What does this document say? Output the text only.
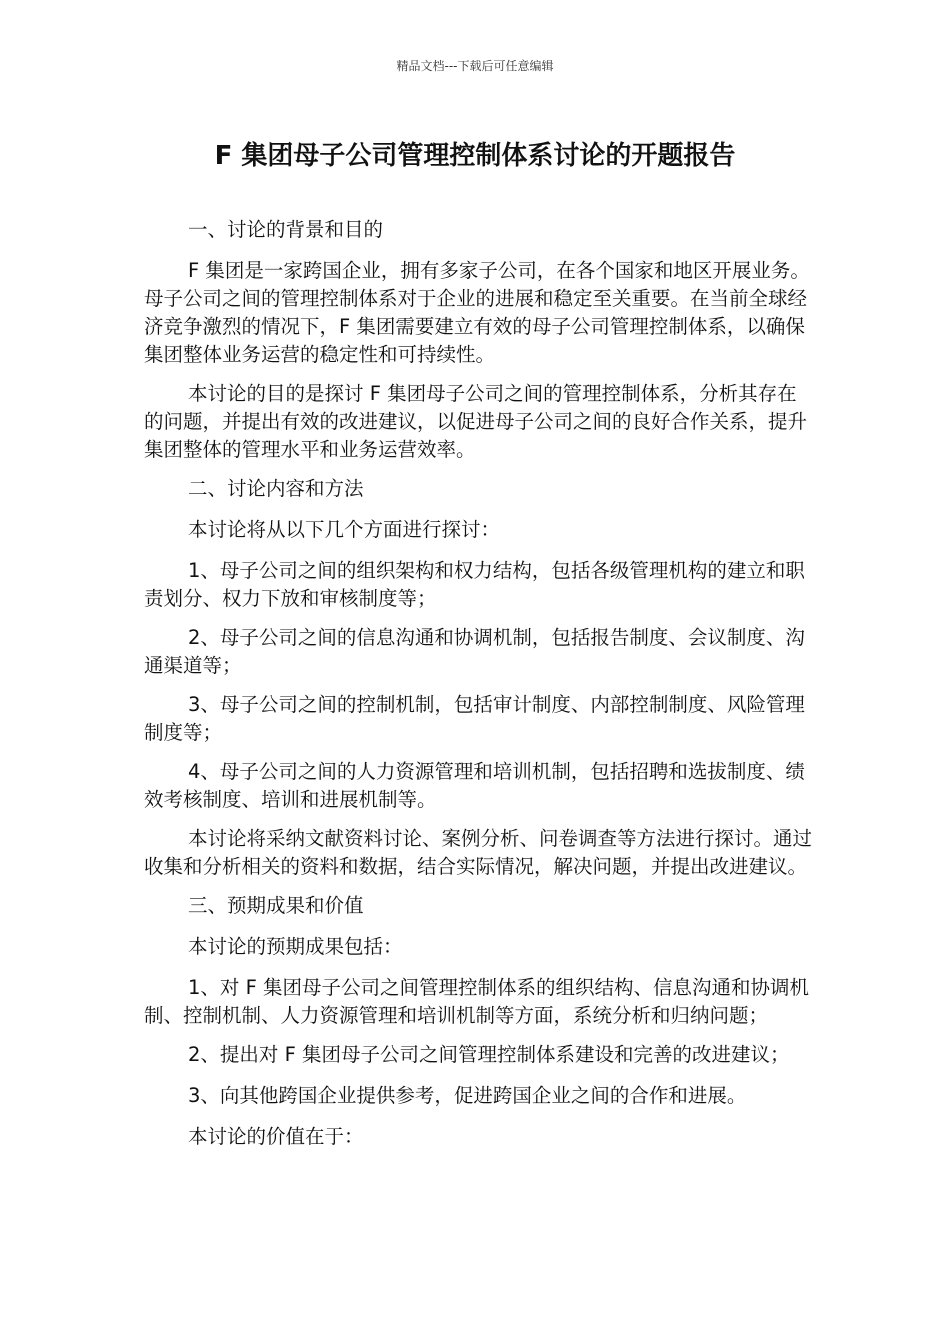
精品文档---下载后可任意编辑
F 集团母子公司管理控制体系讨论的开题报告

一、讨论的背景和目的

F 集团是一家跨国企业，拥有多家子公司，在各个国家和地区开展业务。母子公司之间的管理控制体系对于企业的进展和稳定至关重要。在当前全球经济竞争激烈的情况下，F 集团需要建立有效的母子公司管理控制体系，以确保集团整体业务运营的稳定性和可持续性。

本讨论的目的是探讨 F 集团母子公司之间的管理控制体系，分析其存在的问题，并提出有效的改进建议，以促进母子公司之间的良好合作关系，提升集团整体的管理水平和业务运营效率。

二、讨论内容和方法

本讨论将从以下几个方面进行探讨：

1、母子公司之间的组织架构和权力结构，包括各级管理机构的建立和职责划分、权力下放和审核制度等；

2、母子公司之间的信息沟通和协调机制，包括报告制度、会议制度、沟通渠道等；

3、母子公司之间的控制机制，包括审计制度、内部控制制度、风险管理制度等；

4、母子公司之间的人力资源管理和培训机制，包括招聘和选拔制度、绩效考核制度、培训和进展机制等。

本讨论将采纳文献资料讨论、案例分析、问卷调查等方法进行探讨。通过收集和分析相关的资料和数据，结合实际情况，解决问题，并提出改进建议。

三、预期成果和价值

本讨论的预期成果包括：

1、对 F 集团母子公司之间管理控制体系的组织结构、信息沟通和协调机制、控制机制、人力资源管理和培训机制等方面，系统分析和归纳问题；

2、提出对 F 集团母子公司之间管理控制体系建设和完善的改进建议；

3、向其他跨国企业提供参考，促进跨国企业之间的合作和进展。

本讨论的价值在于：
